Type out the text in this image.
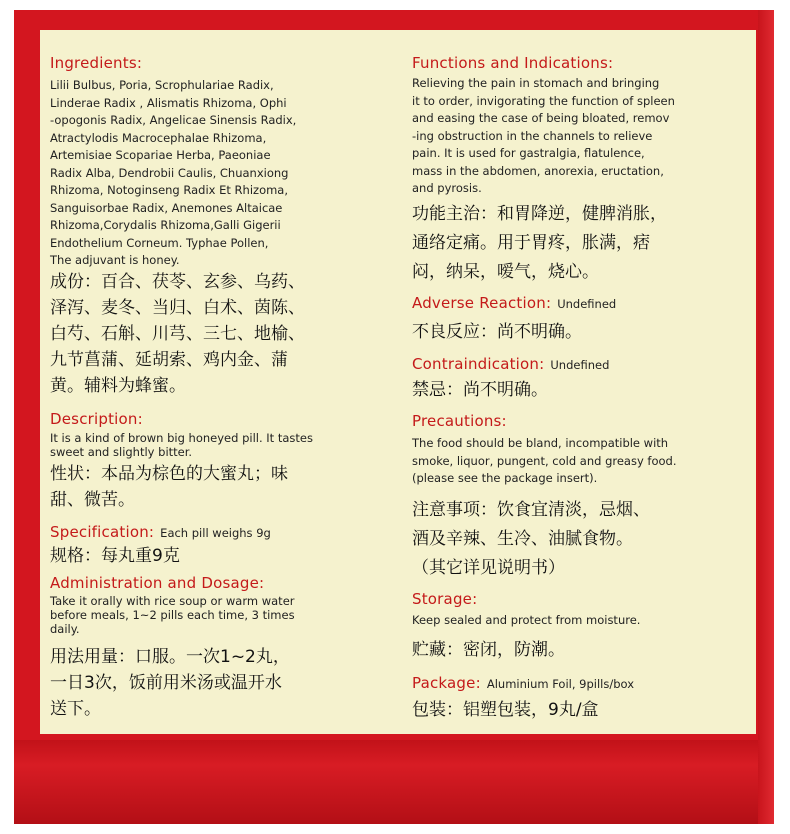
Ingredients:
Lilii Bulbus, Poria, Scrophulariae Radix,
Linderae Radix , Alismatis Rhizoma, Ophi
-opogonis Radix, Angelicae Sinensis Radix,
Atractylodis Macrocephalae Rhizoma,
Artemisiae Scopariae Herba, Paeoniae
Radix Alba, Dendrobii Caulis, Chuanxiong
Rhizoma, Notoginseng Radix Et Rhizoma,
Sanguisorbae Radix, Anemones Altaicae
Rhizoma,Corydalis Rhizoma,Galli Gigerii
Endothelium Corneum. Typhae Pollen,
The adjuvant is honey.
成份：百合、茯苓、玄参、乌药、
泽泻、麦冬、当归、白术、茵陈、
白芍、石斛、川芎、三七、地榆、
九节菖蒲、延胡索、鸡内金、蒲
黄。辅料为蜂蜜。
Description:
It is a kind of brown big honeyed pill. It tastes
sweet and slightly bitter.
性状：本品为棕色的大蜜丸；味
甜、微苦。
Specification: Each pill weighs 9g
规格：每丸重9克
Administration and Dosage:
Take it orally with rice soup or warm water
before meals, 1~2 pills each time, 3 times
daily.
用法用量：口服。一次1~2丸，
一日3次，饭前用米汤或温开水
送下。
Functions and Indications:
Relieving the pain in stomach and bringing
it to order, invigorating the function of spleen
and easing the case of being bloated, remov
-ing obstruction in the channels to relieve
pain. It is used for gastralgia, flatulence,
mass in the abdomen, anorexia, eructation,
and pyrosis.
功能主治：和胃降逆，健脾消胀，
通络定痛。用于胃疼，胀满，痞
闷，纳呆，嗳气，烧心。
Adverse Reaction: Undefined
不良反应：尚不明确。
Contraindication: Undefined
禁忌：尚不明确。
Precautions:
The food should be bland, incompatible with
smoke, liquor, pungent, cold and greasy food.
(please see the package insert).
注意事项：饮食宜清淡，忌烟、
酒及辛辣、生冷、油腻食物。
（其它详见说明书）
Storage:
Keep sealed and protect from moisture.
贮藏：密闭，防潮。
Package: Aluminium Foil, 9pills/box
包装：铝塑包装，9丸/盒
